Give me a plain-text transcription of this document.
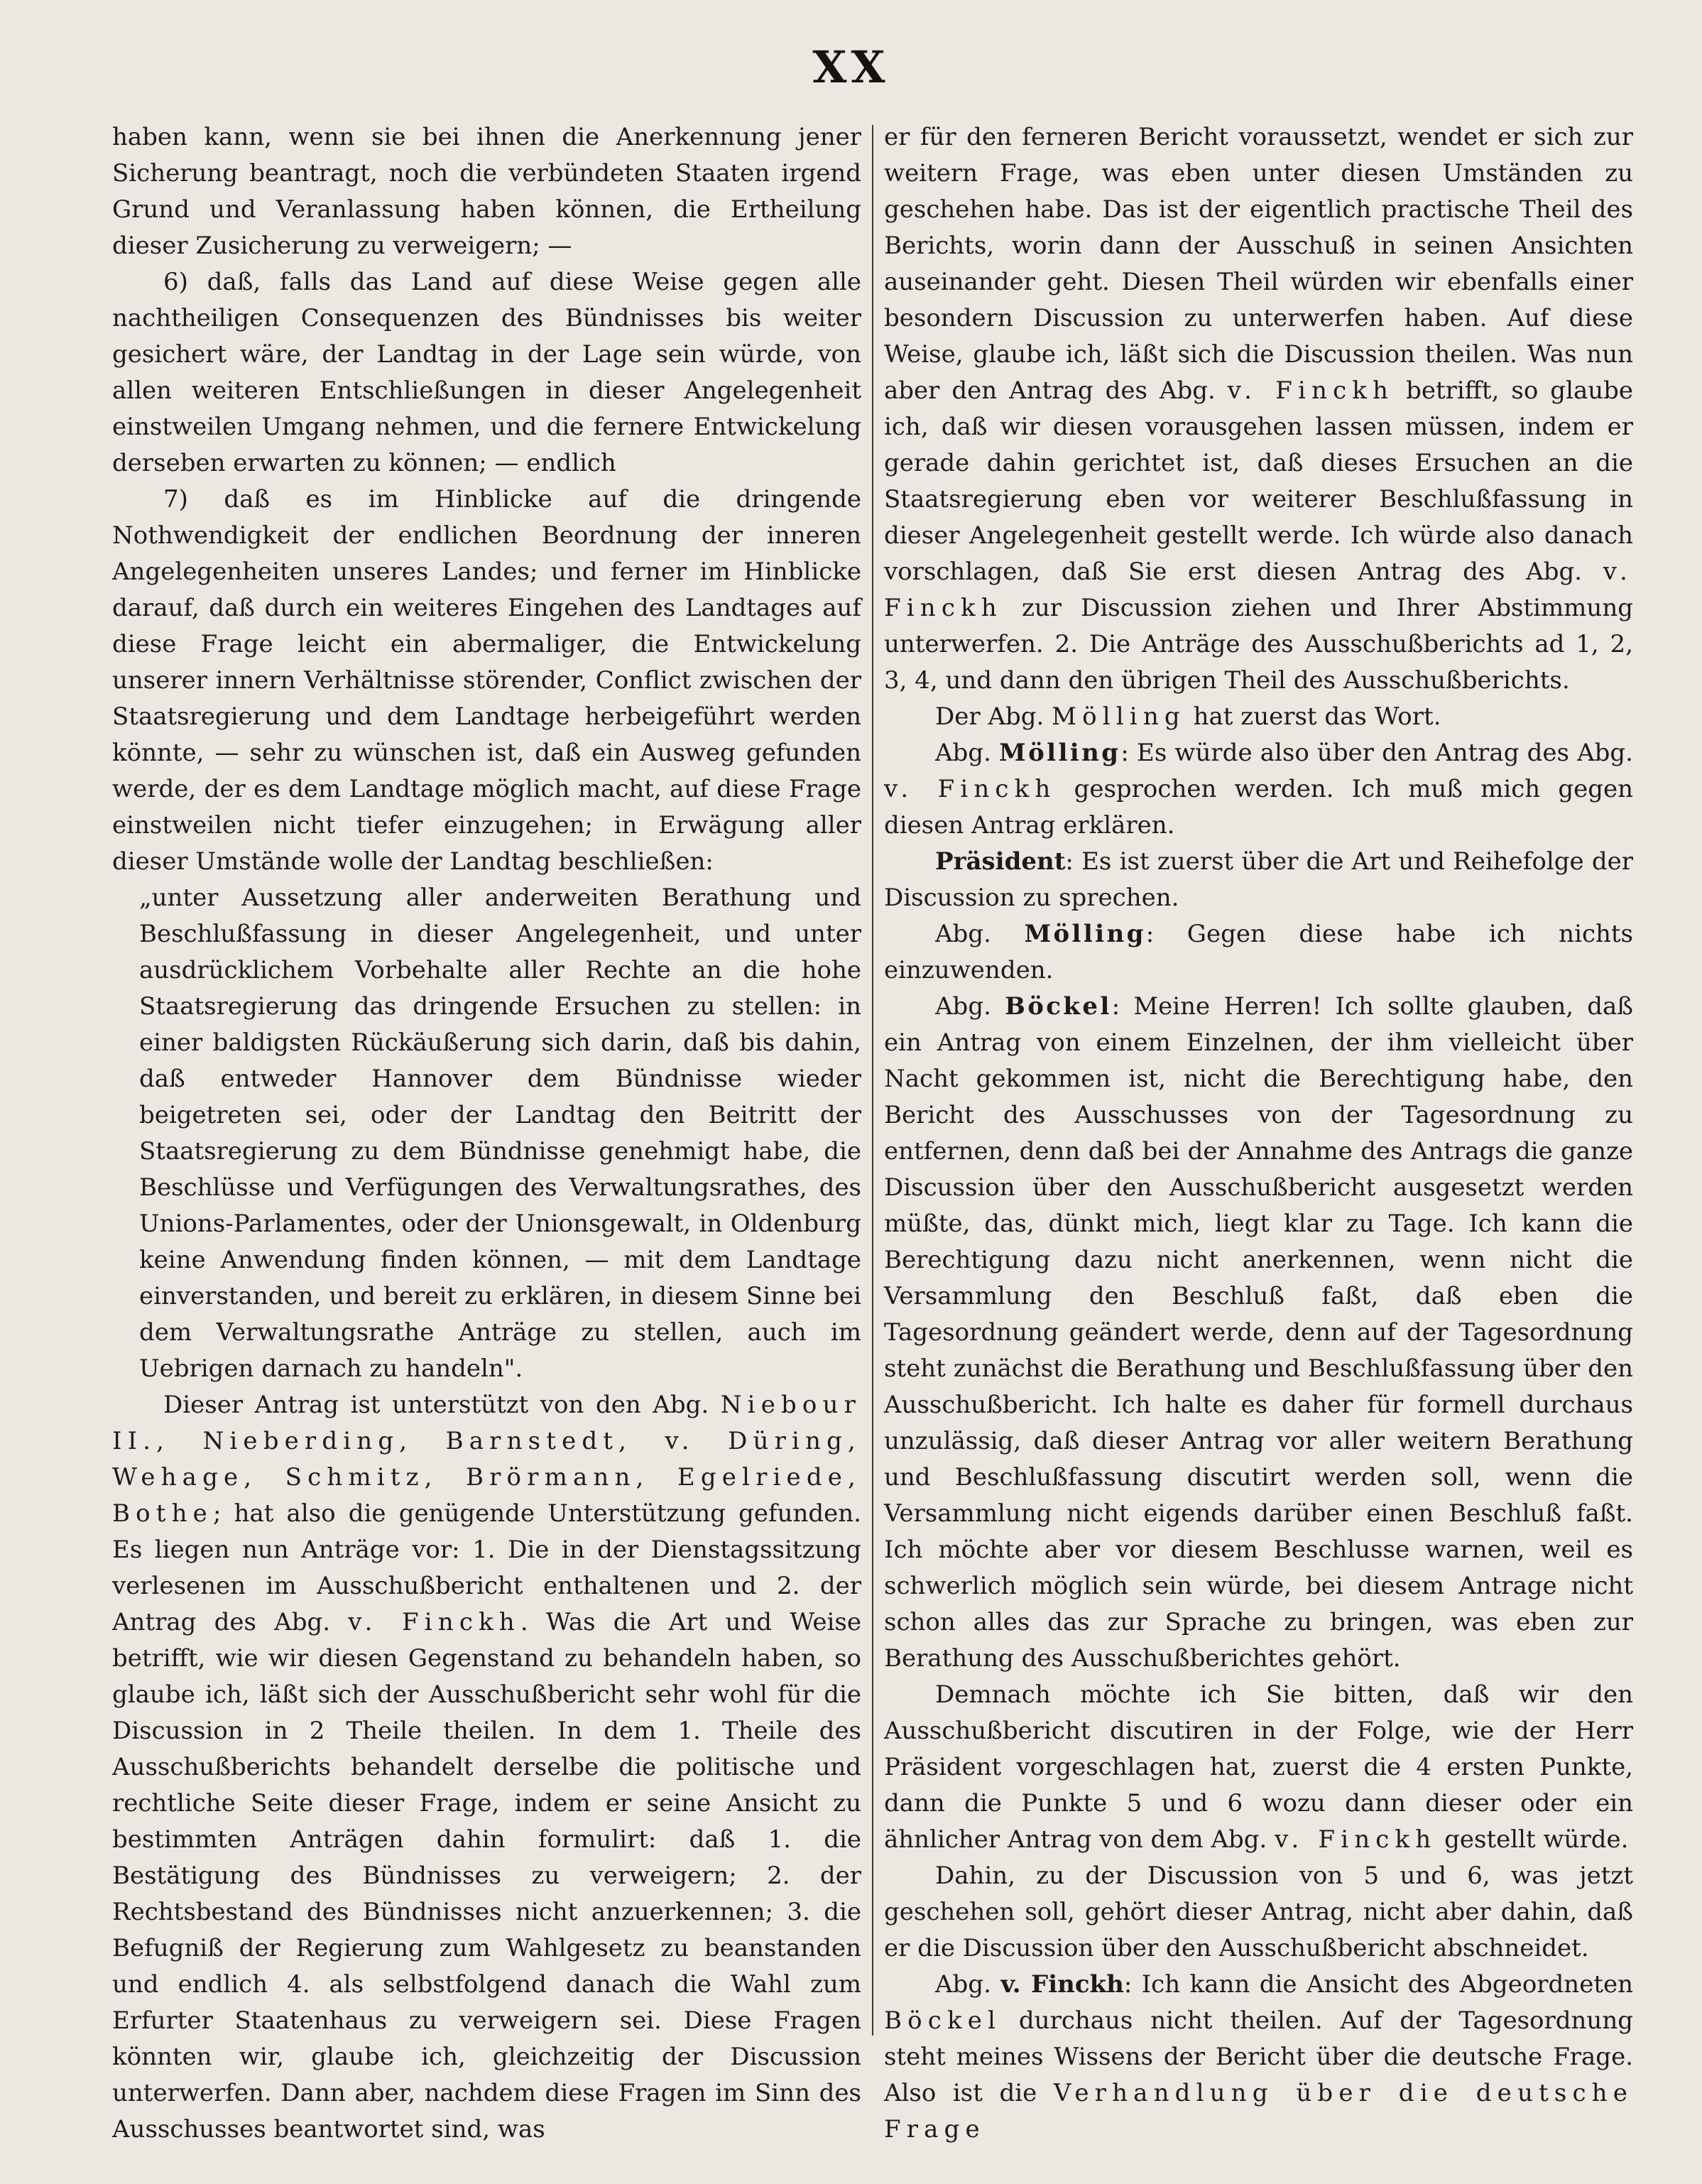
XX

haben kann, wenn sie bei ihnen die Anerkennung jener Sicherung beantragt, noch die verbündeten Staaten irgend Grund und Veranlassung haben können, die Ertheilung dieser Zusicherung zu verweigern; —

6) daß, falls das Land auf diese Weise gegen alle nachtheiligen Consequenzen des Bündnisses bis weiter gesichert wäre, der Landtag in der Lage sein würde, von allen weiteren Entschließungen in dieser Angelegenheit einstweilen Umgang nehmen, und die fernere Entwickelung derseben erwarten zu können; — endlich

7) daß es im Hinblicke auf die dringende Nothwendigkeit der endlichen Beordnung der inneren Angelegenheiten unseres Landes; und ferner im Hinblicke darauf, daß durch ein weiteres Eingehen des Landtages auf diese Frage leicht ein abermaliger, die Entwickelung unserer innern Verhältnisse störender, Conflict zwischen der Staatsregierung und dem Landtage herbeigeführt werden könnte, — sehr zu wünschen ist, daß ein Ausweg gefunden werde, der es dem Landtage möglich macht, auf diese Frage einstweilen nicht tiefer einzugehen; in Erwägung aller dieser Umstände wolle der Landtag beschließen:

„unter Aussetzung aller anderweiten Berathung und Beschlußfassung in dieser Angelegenheit, und unter ausdrücklichem Vorbehalte aller Rechte an die hohe Staatsregierung das dringende Ersuchen zu stellen: in einer baldigsten Rückäußerung sich darin, daß bis dahin, daß entweder Hannover dem Bündnisse wieder beigetreten sei, oder der Landtag den Beitritt der Staatsregierung zu dem Bündnisse genehmigt habe, die Beschlüsse und Verfügungen des Verwaltungsrathes, des Unions-Parlamentes, oder der Unionsgewalt, in Oldenburg keine Anwendung finden können, — mit dem Landtage einverstanden, und bereit zu erklären, in diesem Sinne bei dem Verwaltungsrathe Anträge zu stellen, auch im Uebrigen darnach zu handeln".

Dieser Antrag ist unterstützt von den Abg. Niebour II., Nieberding, Barnstedt, v. Düring, Wehage, Schmitz, Brörmann, Egelriede, Bothe; hat also die genügende Unterstützung gefunden. Es liegen nun Anträge vor: 1. Die in der Dienstagssitzung verlesenen im Ausschußbericht enthaltenen und 2. der Antrag des Abg. v. Finckh. Was die Art und Weise betrifft, wie wir diesen Gegenstand zu behandeln haben, so glaube ich, läßt sich der Ausschußbericht sehr wohl für die Discussion in 2 Theile theilen. In dem 1. Theile des Ausschußberichts behandelt derselbe die politische und rechtliche Seite dieser Frage, indem er seine Ansicht zu bestimmten Anträgen dahin formulirt: daß 1. die Bestätigung des Bündnisses zu verweigern; 2. der Rechtsbestand des Bündnisses nicht anzuerkennen; 3. die Befugniß der Regierung zum Wahlgesetz zu beanstanden und endlich 4. als selbstfolgend danach die Wahl zum Erfurter Staatenhaus zu verweigern sei. Diese Fragen könnten wir, glaube ich, gleichzeitig der Discussion unterwerfen. Dann aber, nachdem diese Fragen im Sinn des Ausschusses beantwortet sind, was

er für den ferneren Bericht voraussetzt, wendet er sich zur weitern Frage, was eben unter diesen Umständen zu geschehen habe. Das ist der eigentlich practische Theil des Berichts, worin dann der Ausschuß in seinen Ansichten auseinander geht. Diesen Theil würden wir ebenfalls einer besondern Discussion zu unterwerfen haben. Auf diese Weise, glaube ich, läßt sich die Discussion theilen. Was nun aber den Antrag des Abg. v. Finckh betrifft, so glaube ich, daß wir diesen vorausgehen lassen müssen, indem er gerade dahin gerichtet ist, daß dieses Ersuchen an die Staatsregierung eben vor weiterer Beschlußfassung in dieser Angelegenheit gestellt werde. Ich würde also danach vorschlagen, daß Sie erst diesen Antrag des Abg. v. Finckh zur Discussion ziehen und Ihrer Abstimmung unterwerfen. 2. Die Anträge des Ausschußberichts ad 1, 2, 3, 4, und dann den übrigen Theil des Ausschußberichts.

Der Abg. Mölling hat zuerst das Wort.

Abg. Mölling: Es würde also über den Antrag des Abg. v. Finckh gesprochen werden. Ich muß mich gegen diesen Antrag erklären.

Präsident: Es ist zuerst über die Art und Reihefolge der Discussion zu sprechen.

Abg. Mölling: Gegen diese habe ich nichts einzuwenden.

Abg. Böckel: Meine Herren! Ich sollte glauben, daß ein Antrag von einem Einzelnen, der ihm vielleicht über Nacht gekommen ist, nicht die Berechtigung habe, den Bericht des Ausschusses von der Tagesordnung zu entfernen, denn daß bei der Annahme des Antrags die ganze Discussion über den Ausschußbericht ausgesetzt werden müßte, das, dünkt mich, liegt klar zu Tage. Ich kann die Berechtigung dazu nicht anerkennen, wenn nicht die Versammlung den Beschluß faßt, daß eben die Tagesordnung geändert werde, denn auf der Tagesordnung steht zunächst die Berathung und Beschlußfassung über den Ausschußbericht. Ich halte es daher für formell durchaus unzulässig, daß dieser Antrag vor aller weitern Berathung und Beschlußfassung discutirt werden soll, wenn die Versammlung nicht eigends darüber einen Beschluß faßt. Ich möchte aber vor diesem Beschlusse warnen, weil es schwerlich möglich sein würde, bei diesem Antrage nicht schon alles das zur Sprache zu bringen, was eben zur Berathung des Ausschußberichtes gehört.

Demnach möchte ich Sie bitten, daß wir den Ausschußbericht discutiren in der Folge, wie der Herr Präsident vorgeschlagen hat, zuerst die 4 ersten Punkte, dann die Punkte 5 und 6 wozu dann dieser oder ein ähnlicher Antrag von dem Abg. v. Finckh gestellt würde.

Dahin, zu der Discussion von 5 und 6, was jetzt geschehen soll, gehört dieser Antrag, nicht aber dahin, daß er die Discussion über den Ausschußbericht abschneidet.

Abg. v. Finckh: Ich kann die Ansicht des Abgeordneten Böckel durchaus nicht theilen. Auf der Tagesordnung steht meines Wissens der Bericht über die deutsche Frage. Also ist die Verhandlung über die deutsche Frage
